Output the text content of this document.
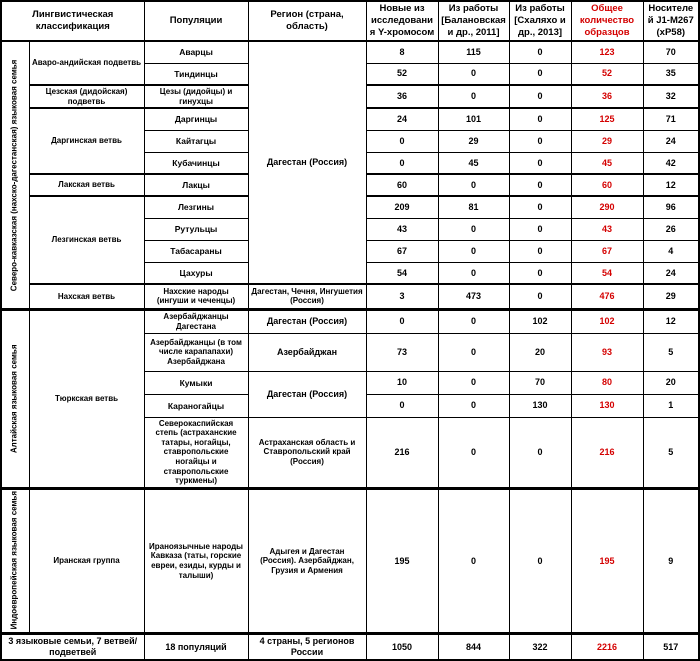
Лингвистическая классификация		Популяции	Регион (страна, область)	Новые из исследования Y-хромосом	Из работы [Балановская и др., 2011]	Из работы [Схаляхо и др., 2013]	Общее количество образцов	Носителей J1-M267 (xP58)
Северо-кавказская (нахско-дагестанская) языковая семья	Аваро-андийская подветвь	Аварцы	Дагестан (Россия)	8	115	0	123	70
		Тиндинцы		52	0	0	52	35
	Цезская (дидойская) подветвь	Цезы (дидойцы) и гинухцы		36	0	0	36	32
	Даргинская ветвь	Даргинцы		24	101	0	125	71
		Кайтагцы		0	29	0	29	24
		Кубачинцы		0	45	0	45	42
	Лакская ветвь	Лакцы		60	0	0	60	12
	Лезгинская ветвь	Лезгины		209	81	0	290	96
		Рутульцы		43	0	0	43	26
		Табасараны		67	0	0	67	4
		Цахуры		54	0	0	54	24
	Нахская ветвь	Нахские народы (ингуши и чеченцы)	Дагестан, Чечня, Ингушетия (Россия)	3	473	0	476	29
Алтайская языковая семья	Тюркская ветвь	Азербайджанцы Дагестана	Дагестан (Россия)	0	0	102	102	12
		Азербайджанцы (в том числе карапапахи) Азербайджана	Азербайджан	73	0	20	93	5
		Кумыки	Дагестан (Россия)	10	0	70	80	20
		Караногайцы		0	0	130	130	1
		Северокаспийская степь (астраханские татары, ногайцы, ставропольские ногайцы и ставропольские туркмены)	Астраханская область и Ставропольский край (Россия)	216	0	0	216	5
Индоевропейская языковая семья	Иранская группа	Ираноязычные народы Кавказа (таты, горские евреи, езиды, курды и талыши)	Адыгея и Дагестан (Россия). Азербайджан, Грузия и Армения	195	0	0	195	9
3 языковые семьи, 7 ветвей/подветвей		18 популяций	4 страны, 5 регионов России	1050	844	322	2216	517
